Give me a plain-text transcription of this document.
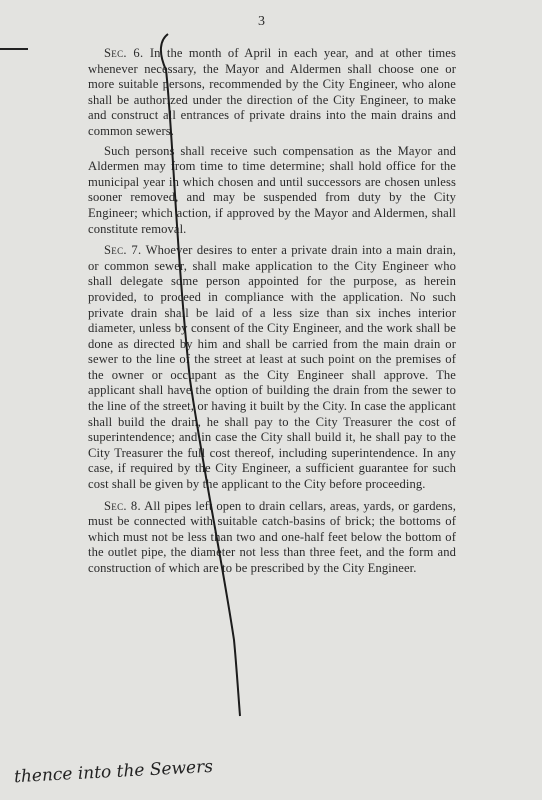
3

Sec. 6. In the month of April in each year, and at other times whenever necessary, the Mayor and Aldermen shall choose one or more suitable persons, recommended by the City Engineer, who alone shall be authorized under the direction of the City Engineer, to make and construct all entrances of private drains into the main drains and common sewers.

Such persons shall receive such compensation as the Mayor and Aldermen may from time to time determine; shall hold office for the municipal year in which chosen and until successors are chosen unless sooner removed, and may be suspended from duty by the City Engineer; which action, if approved by the Mayor and Aldermen, shall constitute removal.

Sec. 7. Whoever desires to enter a private drain into a main drain, or common sewer, shall make application to the City Engineer who shall delegate some person appointed for the purpose, as herein provided, to proceed in compliance with the application. No such private drain shall be laid of a less size than six inches interior diameter, unless by consent of the City Engineer, and the work shall be done as directed by him and shall be carried from the main drain or sewer to the line of the street at least at such point on the premises of the owner or occupant as the City Engineer shall approve. The applicant shall have the option of building the drain from the sewer to the line of the street, or having it built by the City. In case the applicant shall build the drain, he shall pay to the City Treasurer the cost of superintendence; and in case the City shall build it, he shall pay to the City Treasurer the full cost thereof, including superintendence. In any case, if required by the City Engineer, a sufficient guarantee for such cost shall be given by the applicant to the City before proceeding.

Sec. 8. All pipes left open to drain cellars, areas, yards, or gardens, must be connected with suitable catch-basins of brick; the bottoms of which must not be less than two and one-half feet below the bottom of the outlet pipe, the diameter not less than three feet, and the form and construction of which are to be prescribed by the City Engineer.

thence into the Sewers
